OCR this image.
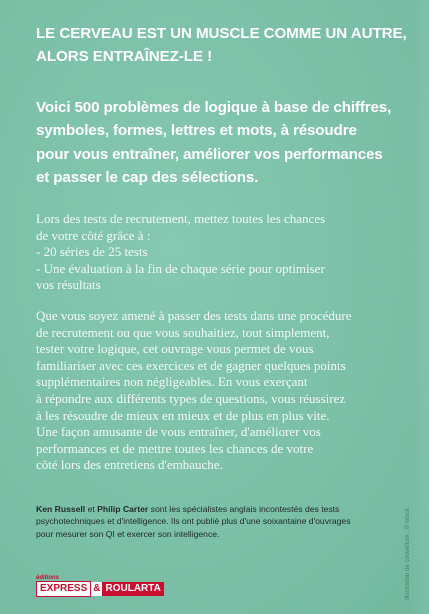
LE CERVEAU EST UN MUSCLE COMME UN AUTRE,
ALORS ENTRAÎNEZ-LE !
Voici 500 problèmes de logique à base de chiffres,
symboles, formes, lettres et mots, à résoudre
pour vous entraîner, améliorer vos performances
et passer le cap des sélections.
Lors des tests de recrutement, mettez toutes les chances
de votre côté grâce à :
- 20 séries de 25 tests
- Une évaluation à la fin de chaque série pour optimiser
vos résultats
Que vous soyez amené à passer des tests dans une procédure
de recrutement ou que vous souhaitiez, tout simplement,
tester votre logique, cet ouvrage vous permet de vous
familiariser avec ces exercices et de gagner quelques points
supplémentaires non négligeables. En vous exerçant
à répondre aux différents types de questions, vous réussirez
à les résoudre de mieux en mieux et de plus en plus vite.
Une façon amusante de vous entraîner, d'améliorer vos
performances et de mettre toutes les chances de votre
côté lors des entretiens d'embauche.
Ken Russell et Philip Carter sont les spécialistes anglais incontestés des tests
psychotechniques et d'intelligence. Ils ont publié plus d'une soixantaine d'ouvrages
pour mesurer son QI et exercer son intelligence.
éditions
EXPRESS & ROULARTA	Illustration de couverture : © istock
